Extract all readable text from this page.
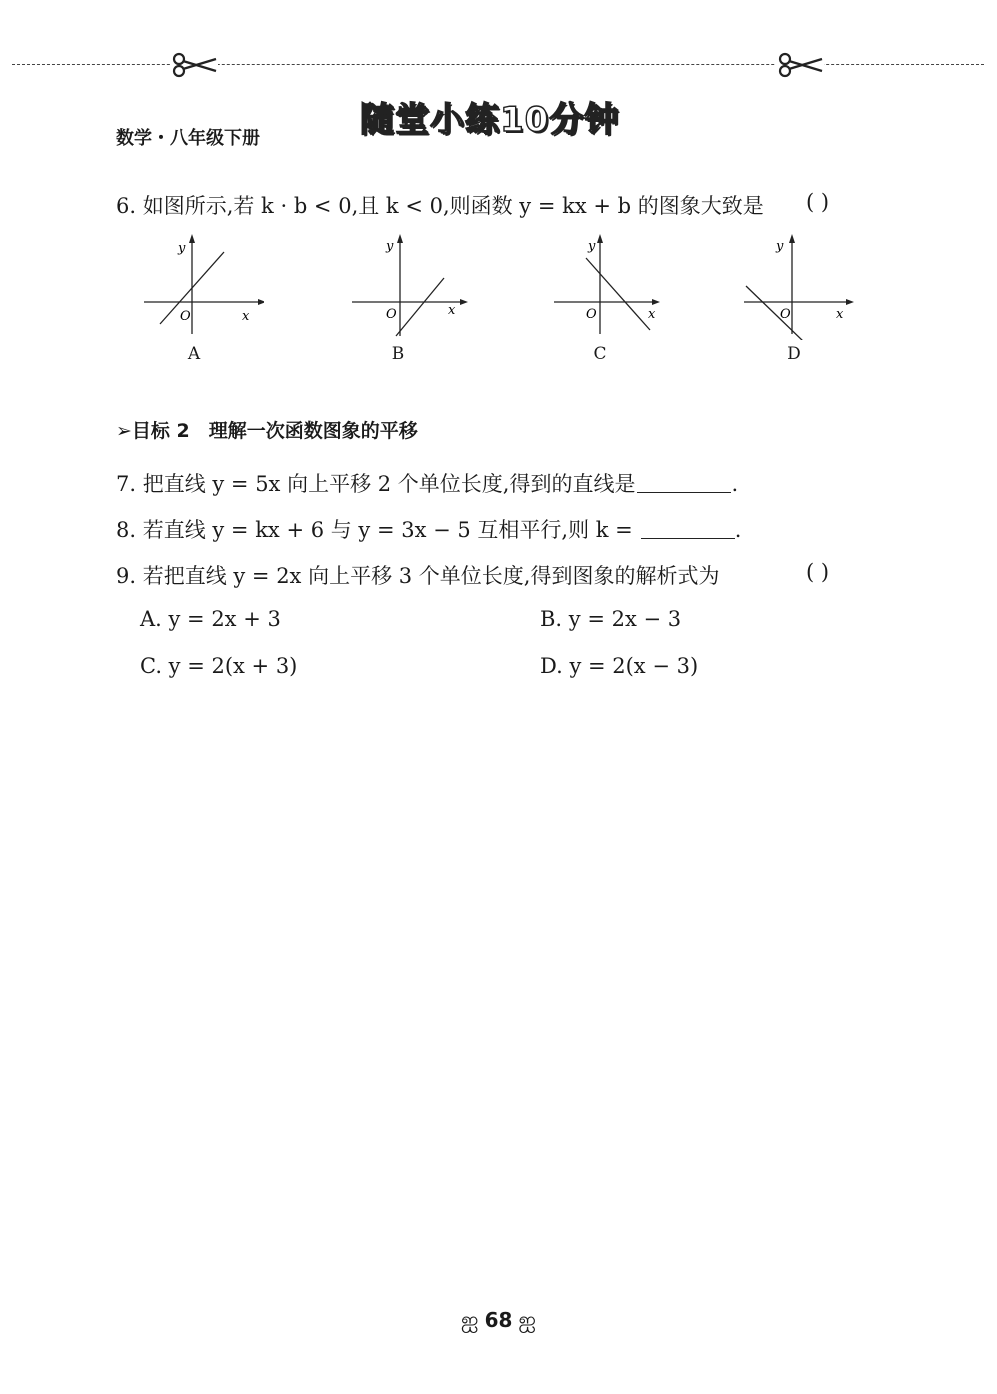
数学・八年级下册	随堂小练10分钟
6. 如图所示,若 k · b < 0,且 k < 0,则函数 y = kx + b 的图象大致是 ( )
y
x
O
A
y
x
O
B
y
x
O
C
y
x
O
D
➢目标 2　理解一次函数图象的平移
7. 把直线 y = 5x 向上平移 2 个单位长度,得到的直线是	.
8. 若直线 y = kx + 6 与 y = 3x − 5 互相平行,则 k =	.
9. 若把直线 y = 2x 向上平移 3 个单位长度,得到图象的解析式为	( )
A. y = 2x + 3	B. y = 2x − 3
C. y = 2(x + 3)	D. y = 2(x − 3)
ஐ 68 ஐ
